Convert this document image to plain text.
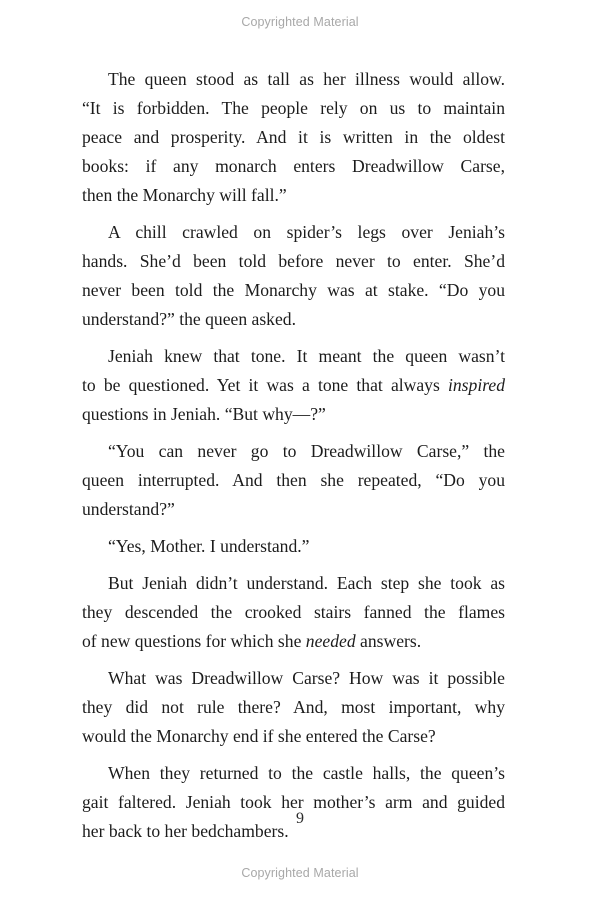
Copyrighted Material

The queen stood as tall as her illness would allow.
“It is forbidden. The people rely on us to maintain
peace and prosperity. And it is written in the oldest
books: if any monarch enters Dreadwillow Carse,
then the Monarchy will fall.”

A chill crawled on spider’s legs over Jeniah’s
hands. She’d been told before never to enter. She’d
never been told the Monarchy was at stake. “Do you
understand?” the queen asked.

Jeniah knew that tone. It meant the queen wasn’t
to be questioned. Yet it was a tone that always inspired
questions in Jeniah. “But why—?”

“You can never go to Dreadwillow Carse,” the
queen interrupted. And then she repeated, “Do you
understand?”

“Yes, Mother. I understand.”

But Jeniah didn’t understand. Each step she took as
they descended the crooked stairs fanned the flames
of new questions for which she needed answers.

What was Dreadwillow Carse? How was it possible
they did not rule there? And, most important, why
would the Monarchy end if she entered the Carse?

When they returned to the castle halls, the queen’s
gait faltered. Jeniah took her mother’s arm and guided
her back to her bedchambers.

9
Copyrighted Material
